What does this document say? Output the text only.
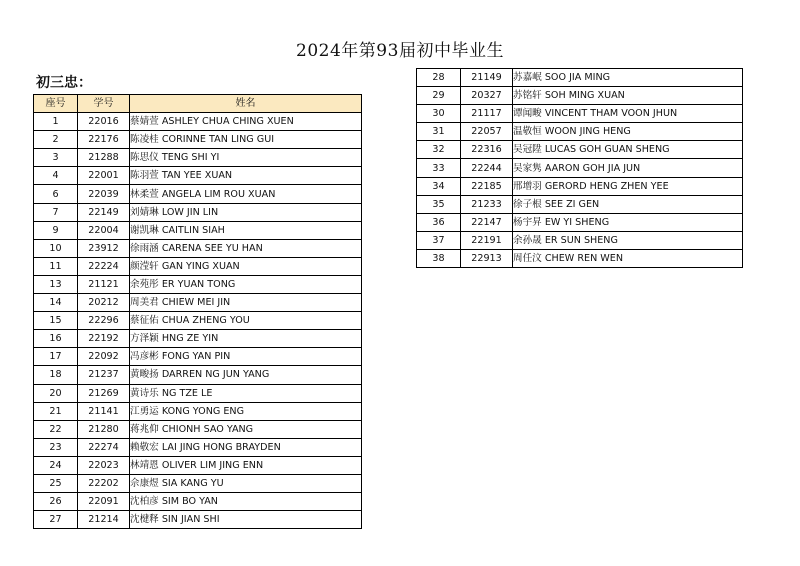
2024年第93届初中毕业生
初三忠：
座号	学号	姓名
1	22016	蔡婧萱 ASHLEY CHUA CHING XUEN
2	22176	陈凌桂 CORINNE TAN LING GUI
3	21288	陈思仪 TENG SHI YI
4	22001	陈羽萱 TAN YEE XUAN
6	22039	林柔萱 ANGELA LIM ROU XUAN
7	22149	刘婧琳 LOW JIN LIN
9	22004	谢凯琳 CAITLIN SIAH
10	23912	徐雨涵 CARENA SEE YU HAN
11	22224	颜滢轩 GAN YING XUAN
13	21121	余苑彤 ER YUAN TONG
14	20212	周美君 CHIEW MEI JIN
15	22296	蔡征佑 CHUA ZHENG YOU
16	22192	方泽颖 HNG ZE YIN
17	22092	冯彦彬 FONG YAN PIN
18	21237	黄畯扬 DARREN NG JUN YANG
20	21269	黄诗乐 NG TZE LE
21	21141	江勇运 KONG YONG ENG
22	21280	蒋兆仰 CHIONH SAO YANG
23	22274	赖敬宏 LAI JING HONG BRAYDEN
24	22023	林靖恩 OLIVER LIM JING ENN
25	22202	佘康煜 SIA KANG YU
26	22091	沈柏彦 SIM BO YAN
27	21214	沈楗释 SIN JIAN SHI
28	21149	苏嘉岷 SOO JIA MING
29	20327	苏铭轩 SOH MING XUAN
30	21117	谭闻畯 VINCENT THAM VOON JHUN
31	22057	温敬恒 WOON JING HENG
32	22316	吴冠陞 LUCAS GOH GUAN SHENG
33	22244	吴家隽 AARON GOH JIA JUN
34	22185	邢增羽 GERORD HENG ZHEN YEE
35	21233	徐子根 SEE ZI GEN
36	22147	杨宇昇 EW YI SHENG
37	22191	余孙晟 ER SUN SHENG
38	22913	周任汶 CHEW REN WEN
